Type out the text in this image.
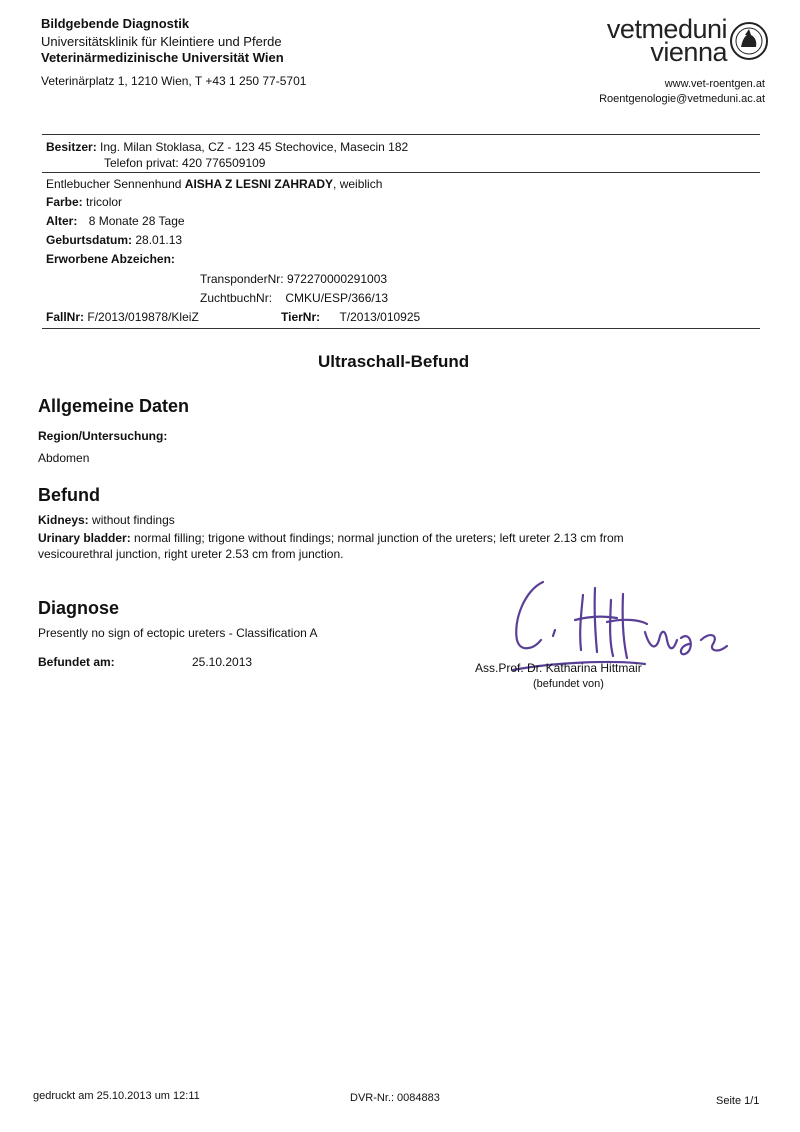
Bildgebende Diagnostik
Universitätsklinik für Kleintiere und Pferde
Veterinärmedizinische Universität Wien
Veterinärplatz 1, 1210 Wien, T +43 1 250 77-5701
vetmeduni
vienna
www.vet-roentgen.at
Roentgenologie@vetmeduni.ac.at
Besitzer: Ing. Milan Stoklasa, CZ - 123 45 Stechovice, Masecin 182
Telefon privat: 420 776509109
Entlebucher Sennenhund AISHA Z LESNI ZAHRADY, weiblich
Farbe: tricolor
Alter: 8 Monate 28 Tage
Geburtsdatum: 28.01.13
Erworbene Abzeichen:
TransponderNr: 972270000291003
ZuchtbuchNr: CMKU/ESP/366/13
FallNr: F/2013/019878/KleiZ	TierNr: T/2013/010925
Ultraschall-Befund
Allgemeine Daten
Region/Untersuchung:
Abdomen
Befund
Kidneys: without findings
Urinary bladder: normal filling; trigone without findings; normal junction of the ureters; left ureter 2.13 cm from
vesicourethral junction, right ureter 2.53 cm from junction.
Diagnose
Presently no sign of ectopic ureters - Classification A
Befundet am:	25.10.2013	Ass.Prof. Dr. Katharina Hittmair
(befundet von)
gedruckt am 25.10.2013 um 12:11	DVR-Nr.: 0084883	Seite 1/1
